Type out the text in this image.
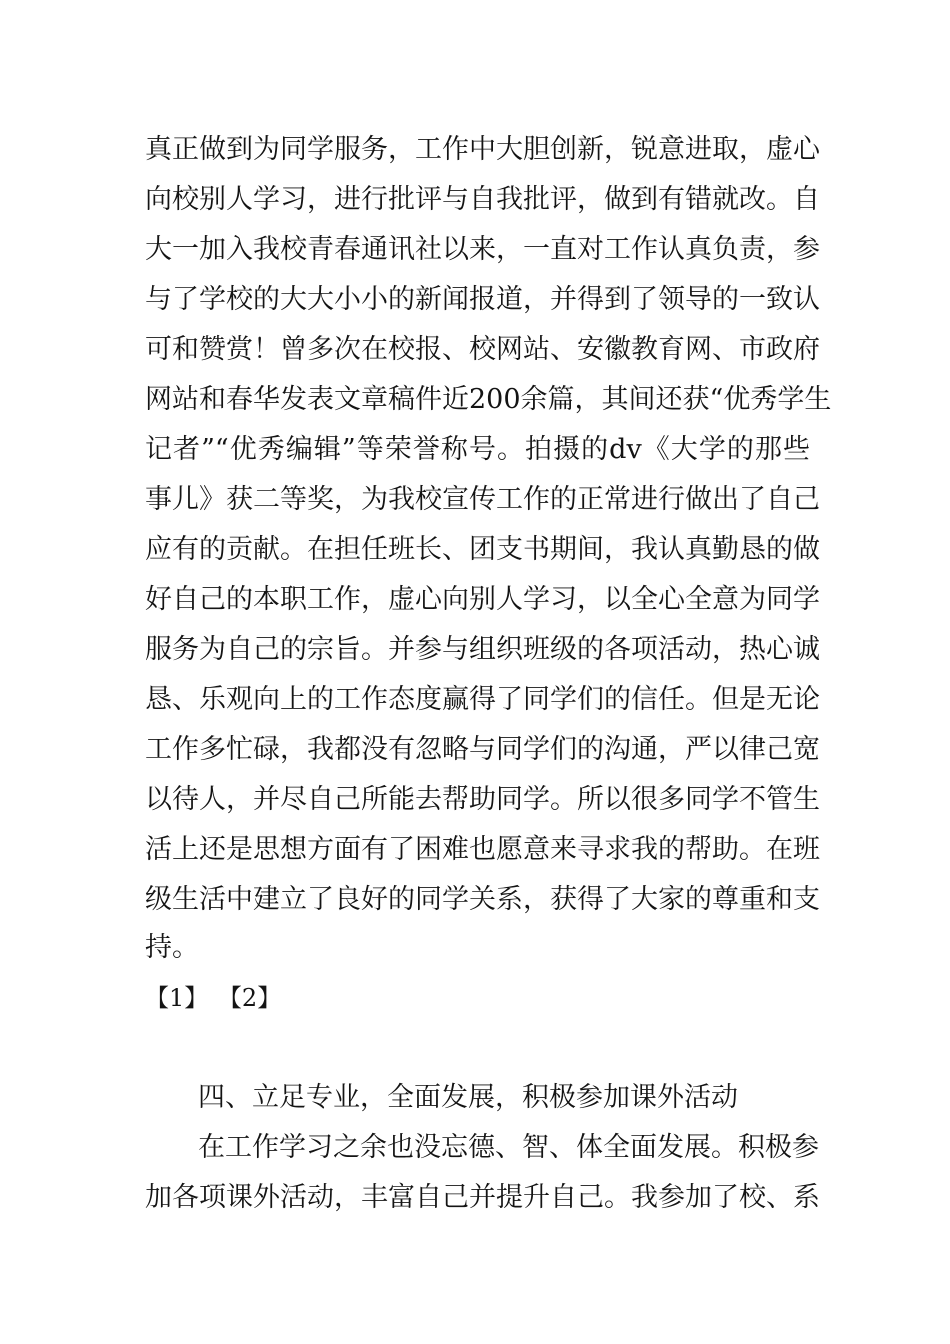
真正做到为同学服务，工作中大胆创新，锐意进取，虚心
向校别人学习，进行批评与自我批评，做到有错就改。自
大一加入我校青春通讯社以来，一直对工作认真负责，参
与了学校的大大小小的新闻报道，并得到了领导的一致认
可和赞赏！曾多次在校报、校网站、安徽教育网、市政府
网站和春华发表文章稿件近200余篇，其间还获“优秀学生
记者”“优秀编辑”等荣誉称号。拍摄的dv《大学的那些
事儿》获二等奖，为我校宣传工作的正常进行做出了自己
应有的贡献。在担任班长、团支书期间，我认真勤恳的做
好自己的本职工作，虚心向别人学习，以全心全意为同学
服务为自己的宗旨。并参与组织班级的各项活动，热心诚
恳、乐观向上的工作态度赢得了同学们的信任。但是无论
工作多忙碌，我都没有忽略与同学们的沟通，严以律己宽
以待人，并尽自己所能去帮助同学。所以很多同学不管生
活上还是思想方面有了困难也愿意来寻求我的帮助。在班
级生活中建立了良好的同学关系，获得了大家的尊重和支
持。
【1】 【2】
四、立足专业，全面发展，积极参加课外活动
在工作学习之余也没忘德、智、体全面发展。积极参
加各项课外活动，丰富自己并提升自己。我参加了校、系
